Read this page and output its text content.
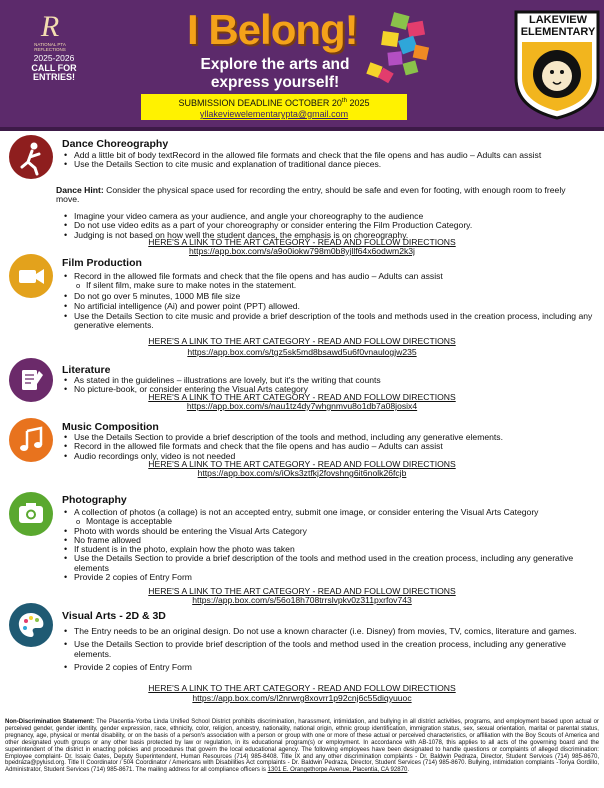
R
NATIONAL PTA REFLECTIONS
2025-2026
CALL FOR
ENTRIES!
I Belong!
Explore the arts and
express yourself!
SUBMISSION DEADLINE OCTOBER 20th 2025
yllakeviewelementarypta@gmail.com
LAKEVIEW
ELEMENTARY
Dance Choreography
• Add a little bit of body textRecord in the allowed file formats and check that the file opens and has audio – Adults can assist
• Use the Details Section to cite music and explanation of traditional dance pieces.
Dance Hint: Consider the physical space used for recording the entry, should be safe and even for footing, with enough room to freely move.
• Imagine your video camera as your audience, and angle your choreography to the audience
• Do not use video edits as a part of your choreography or consider entering the Film Production Category.
• Judging is not based on how well the student dances, the emphasis is on choreography.
HERE'S A LINK TO THE ART CATEGORY - READ AND FOLLOW DIRECTIONS
https://app.box.com/s/a9o0iokw798m0b8yjllf64x6odwm2k3j
Film Production
• Record in the allowed file formats and check that the file opens and has audio – Adults can assist
o If silent film, make sure to make notes in the statement.
• Do not go over 5 minutes, 1000 MB file size
• No artificial intelligence (Ai) and power point (PPT) allowed.
• Use the Details Section to cite music and provide a brief description of the tools and methods used in the creation process, including any generative elements.
HERE'S A LINK TO THE ART CATEGORY - READ AND FOLLOW DIRECTIONS
https://app.box.com/s/tgz5sk5md8bsawd5u6f0vnaulogjw235
Literature
• As stated in the guidelines – illustrations are lovely, but it's the writing that counts
• No picture-book, or consider entering the Visual Arts category
HERE'S A LINK TO THE ART CATEGORY - READ AND FOLLOW DIRECTIONS
https://app.box.com/s/nau1tz4dy7whgnmvu8o1db7a08josix4
Music Composition
• Use the Details Section to provide a brief description of the tools and method, including any generative elements.
• Record in the allowed file formats and check that the file opens and has audio – Adults can assist
• Audio recordings only, video is not needed
HERE'S A LINK TO THE ART CATEGORY - READ AND FOLLOW DIRECTIONS
https://app.box.com/s/iOks3ztfkj2fovshng6it6nolk26fcjb
Photography
• A collection of photos (a collage) is not an accepted entry, submit one image, or consider entering the Visual Arts Category
o Montage is acceptable
• Photo with words should be entering the Visual Arts Category
• No frame allowed
• If student is in the photo, explain how the photo was taken
• Use the Details Section to provide a brief description of the tools and method used in the creation process, including any generative elements
• Provide 2 copies of Entry Form
HERE'S A LINK TO THE ART CATEGORY - READ AND FOLLOW DIRECTIONS
https://app.box.com/s/56o18h708trrslvpkv0z311pxrfov743
Visual Arts - 2D & 3D
• The Entry needs to be an original design. Do not use a known character (i.e. Disney) from movies, TV, comics, literature and games.
• Use the Details Section to provide brief description of the tools and method used in the creation process, including any generative elements.
• Provide 2 copies of Entry Form
HERE'S A LINK TO THE ART CATEGORY - READ AND FOLLOW DIRECTIONS
https://app.box.com/s/l2nrwrg8xovrr1p92cnj6c55diqyuuoc
Non-Discrimination Statement: The Placentia-Yorba Linda Unified School District prohibits discrimination, harassment, intimidation, and bullying in all district activities, programs, and employment based upon actual or perceived gender, gender identity, gender expression, race, ethnicity, color, religion, ancestry, nationality, national origin, ethnic group identification, immigration status, sex, sexual orientation, marital or parental status, pregnancy, age, physical or mental disability, or on the basis of a person's association with a person or group with one or more of these actual or perceived characteristics, or affiliation with the Boy Scouts of America and other designated youth groups or any other basis protected by law or regulation, in its educational program(s) or employment. In accordance with AB-1078, this applies to all acts of the governing board and the superintendent of the district in enacting policies and procedures that govern the local educational agency. The following employees have been designated to handle questions or complaints of alleged discrimination: Employee complaint- Dr. Issaic Gates, Deputy Superintendent, Human Resources (714) 985-8408. Title IX and any other discrimination complaints - Dr. Baldwin Pedraza, Director, Student Services (714) 985-8670, bpedraza@pylusd.org. Title II Coordinator / 504 Coordinator / Americans with Disabilities Act complaints - Dr. Baldwin Pedraza, Director, Student Services (714) 985-8670. Bullying, intimidation complaints -Tonya Gordillo, Administrator, Student Services (714) 985-8671. The mailing address for all compliance officers is 1301 E. Orangethorpe Avenue, Placentia, CA 92870.
